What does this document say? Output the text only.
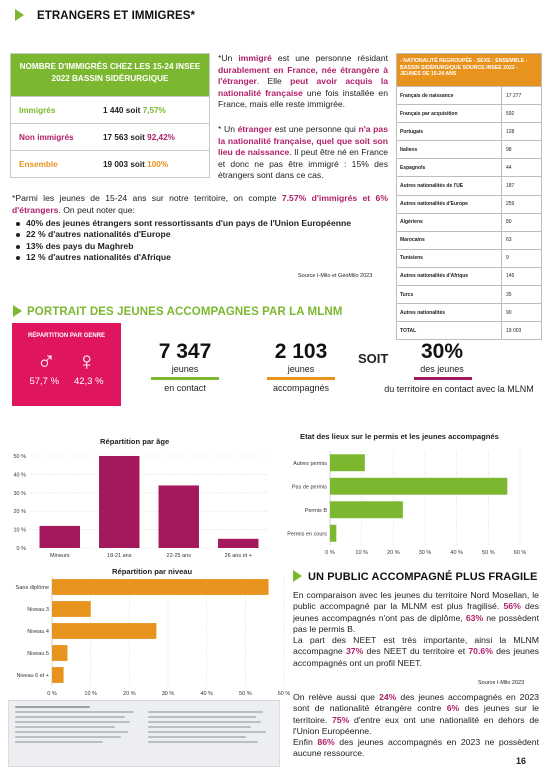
ETRANGERS ET IMMIGRES*
NOMBRE D'IMMIGRÉS CHEZ LES 15-24 INSEE 2022 BASSIN SIDÉRURGIQUE
Immigrés	1 440 soit 7,57%
Non immigrés	17 563 soit 92,42%
Ensemble	19 003 soit 100%
*Un immigré est une personne résidant durablement en France, née étrangère à l'étranger. Elle peut avoir acquis la nationalité française une fois installée en France, mais elle reste immigrée.
* Un étranger est une personne qui n'a pas la nationalité française, quel que soit son lieu de naissance. Il peut être né en France et donc ne pas être immigré : 15% des étrangers sont dans ce cas.
*Parmi les jeunes de 15-24 ans sur notre territoire, on compte 7.57% d'immigrés et 6% d'étrangers. On peut noter que:
40% des jeunes étrangers sont ressortissants d'un pays de l'Union Européenne
22 % d'autres nationalités d'Europe
13% des pays du Maghreb
12 % d'autres nationalités d'Afrique
Source I-Milo et GéoMilo 2023
- NATIONALITÉ REGROUPÉE - SEXE : ENSEMBLE - BASSIN SIDÉRURGIQUE SOURCE INSEE 2022 - JEUNES DE 15-24 ANS
Français de naissance	17 277
Français par acquisition	592
Portugais	128
Italiens	98
Espagnols	44
Autres nationalités de l'UE	187
Autres nationalités d'Europe	259
Algériens	80
Marocains	63
Tunisiens	9
Autres nationalités d'Afrique	145
Turcs	35
Autres nationalités	90
TOTAL	19 003
PORTRAIT DES JEUNES ACCOMPAGNES PAR LA MLNM
RÉPARTITION PAR GENRE
♂ ♀
57,7 % 42,3 %
7 347
jeunes
en contact
2 103
jeunes
accompagnés
SOIT	30%
des jeunes
du territoire en contact avec la MLNM
Répartition par âge
0 %
10 %
20 %
30 %
40 %
50 %
Mineurs	18-21 ans	22-25 ans	26 ans et +
Etat des lieux sur le permis et les jeunes accompagnés
0 %	10 %	20 %	30 %	40 %	50 %	60 %
Autres permis
Pas de permis
Permis B
Permis en cours
Répartition par niveau
0 %	10 %	20 %	30 %	40 %	50 %	60 %
Sans diplôme
Niveau 3
Niveau 4
Niveau 5
Niveau 6 et +
UN PUBLIC ACCOMPAGNÉ PLUS FRAGILE
En comparaison avec les jeunes du territoire Nord Mosellan, le public accompagné par la MLNM est plus fragilisé. 56% des jeunes accompagnés n'ont pas de diplôme, 63% ne possèdent pas le permis B.
La part des NEET est très importante, ainsi la MLNM accompagne 37% des NEET du territoire et 70.6% des jeunes accompagnés ont un profil NEET.
Source I-Milo 2023
On relève aussi que 24% des jeunes accompagnés en 2023 sont de nationalité étrangère contre 6% des jeunes sur le territoire. 75% d'entre eux ont une nationalité en dehors de l'Union Européenne.
Enfin 86% des jeunes accompagnés en 2023 ne possèdent aucune ressource.
16
